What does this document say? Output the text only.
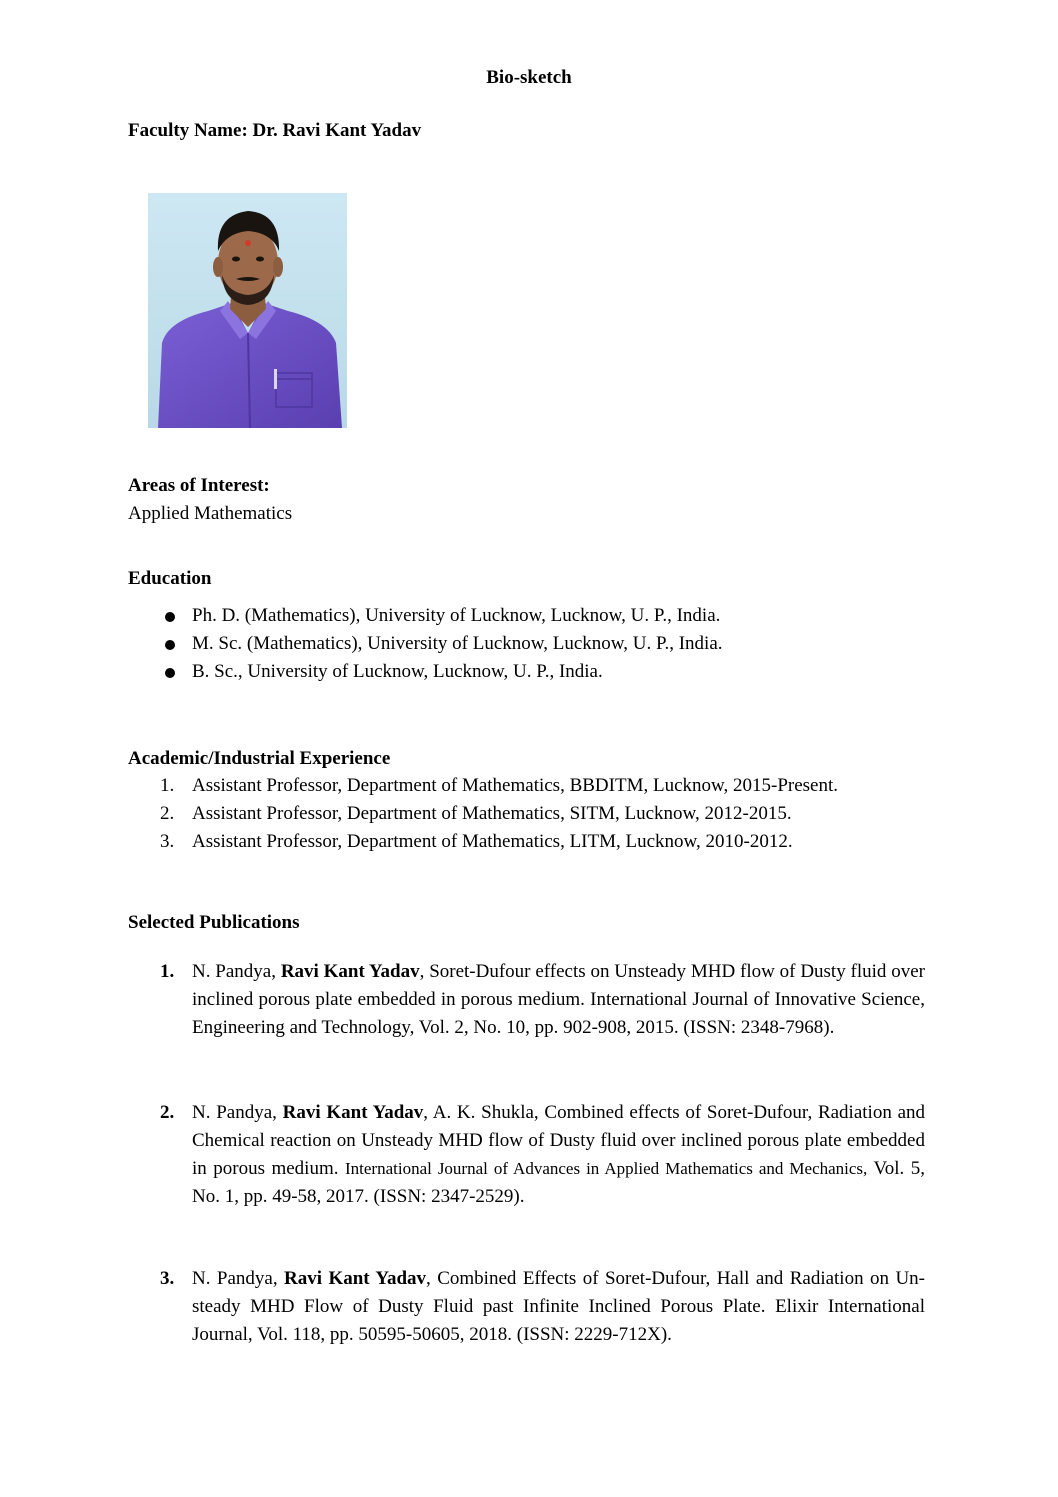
Bio-sketch
Faculty Name: Dr. Ravi Kant Yadav
Areas of Interest:
Applied Mathematics
Education
Ph. D. (Mathematics), University of Lucknow, Lucknow, U. P., India.
M. Sc. (Mathematics), University of Lucknow, Lucknow, U. P., India.
B. Sc., University of Lucknow, Lucknow, U. P., India.
Academic/Industrial Experience
1. Assistant Professor, Department of Mathematics, BBDITM, Lucknow, 2015-Present.
2. Assistant Professor, Department of Mathematics, SITM, Lucknow, 2012-2015.
3. Assistant Professor, Department of Mathematics, LITM, Lucknow, 2010-2012.
Selected Publications
1. N. Pandya, Ravi Kant Yadav, Soret-Dufour effects on Unsteady MHD flow of Dusty fluid over inclined porous plate embedded in porous medium. International Journal of Innovative Science, Engineering and Technology, Vol. 2, No. 10, pp. 902-908, 2015. (ISSN: 2348-7968).
2. N. Pandya, Ravi Kant Yadav, A. K. Shukla, Combined effects of Soret-Dufour, Radiation and Chemical reaction on Unsteady MHD flow of Dusty fluid over inclined porous plate embedded in porous medium. International Journal of Advances in Applied Mathematics and Mechanics, Vol. 5, No. 1, pp. 49-58, 2017. (ISSN: 2347-2529).
3. N. Pandya, Ravi Kant Yadav, Combined Effects of Soret-Dufour, Hall and Radiation on Un-steady MHD Flow of Dusty Fluid past Infinite Inclined Porous Plate. Elixir International Journal, Vol. 118, pp. 50595-50605, 2018. (ISSN: 2229-712X).
